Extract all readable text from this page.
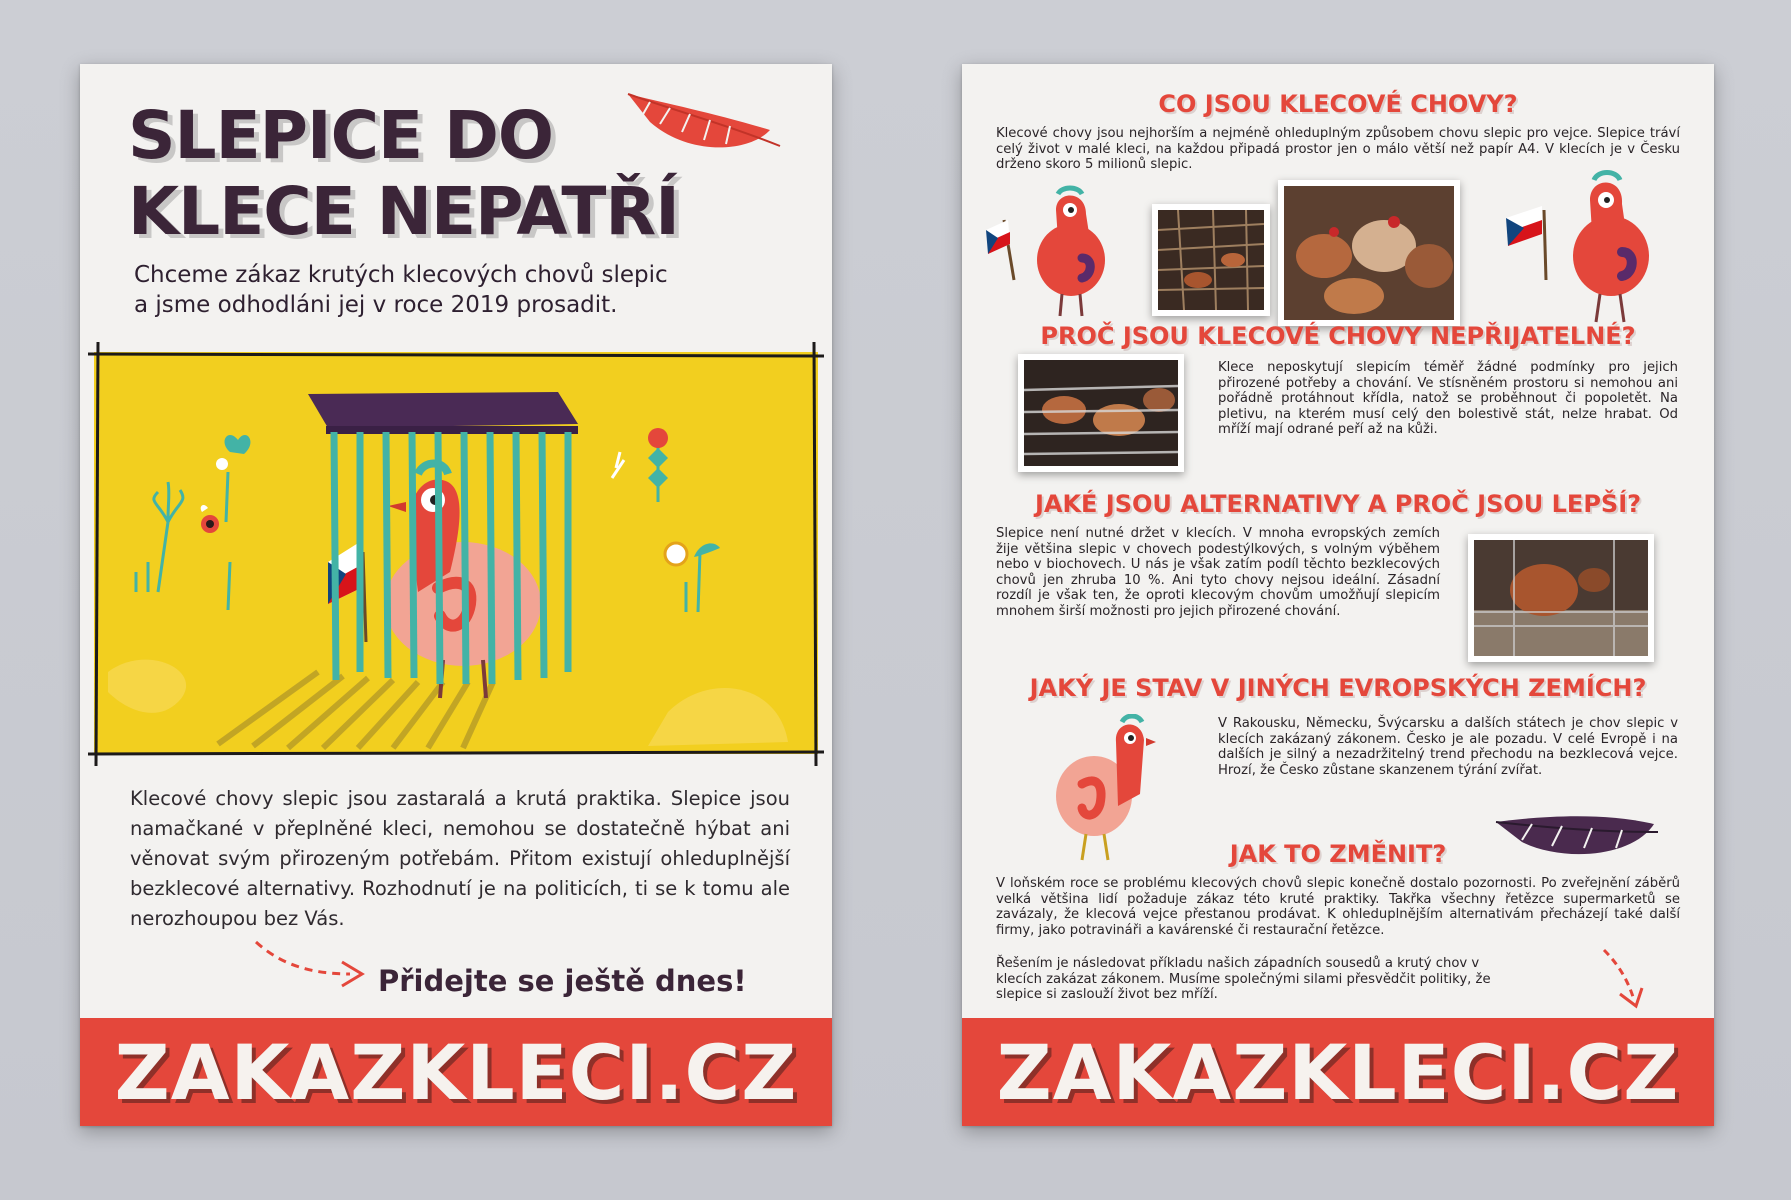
SLEPICE DO
KLECE NEPATŘÍ
Chceme zákaz krutých klecových chovů slepic
a jsme odhodláni jej v roce 2019 prosadit.
Klecové chovy slepic jsou zastaralá a krutá praktika. Slepice jsou namačkané v přeplněné kleci, nemohou se dostatečně hýbat ani věnovat svým přirozeným potřebám. Přitom existují ohleduplnější bezklecové alternativy. Rozhodnutí je na politicích, ti se k tomu ale nerozhoupou bez Vás.
Přidejte se ještě dnes!
ZAKAZKLECI.CZ
CO JSOU KLECOVÉ CHOVY?
Klecové chovy jsou nejhorším a nejméně ohleduplným způsobem chovu slepic pro vejce. Slepice tráví celý život v malé kleci, na každou připadá prostor jen o málo větší než papír A4. V klecích je v Česku drženo skoro 5 milionů slepic.
PROČ JSOU KLECOVÉ CHOVY NEPŘIJATELNÉ?
Klece neposkytují slepicím téměř žádné podmínky pro jejich přirozené potřeby a chování. Ve stísněném prostoru si nemohou ani pořádně protáhnout křídla, natož se proběhnout či popoletět. Na pletivu, na kterém musí celý den bolestivě stát, nelze hrabat. Od mříží mají odrané peří až na kůži.
JAKÉ JSOU ALTERNATIVY A PROČ JSOU LEPŠÍ?
Slepice není nutné držet v klecích. V mnoha evropských zemích žije většina slepic v chovech podestýlkových, s volným výběhem nebo v biochovech. U nás je však zatím podíl těchto bezklecových chovů jen zhruba 10 %. Ani tyto chovy nejsou ideální. Zásadní rozdíl je však ten, že oproti klecovým chovům umožňují slepicím mnohem širší možnosti pro jejich přirozené chování.
JAKÝ JE STAV V JINÝCH EVROPSKÝCH ZEMÍCH?
V Rakousku, Německu, Švýcarsku a dalších státech je chov slepic v klecích zakázaný zákonem. Česko je ale pozadu. V celé Evropě i na dalších je silný a nezadržitelný trend přechodu na bezklecová vejce. Hrozí, že Česko zůstane skanzenem týrání zvířat.
JAK TO ZMĚNIT?
V loňském roce se problému klecových chovů slepic konečně dostalo pozornosti. Po zveřejnění záběrů velká většina lidí požaduje zákaz této kruté praktiky. Takřka všechny řetězce supermarketů se zavázaly, že klecová vejce přestanou prodávat. K ohleduplnějším alternativám přecházejí také další firmy, jako potravináři a kavárenské či restaurační řetězce.
Řešením je následovat příkladu našich západních sousedů a krutý chov v klecích zakázat zákonem. Musíme společnými silami přesvědčit politiky, že slepice si zaslouží život bez mříží.
ZAKAZKLECI.CZ
